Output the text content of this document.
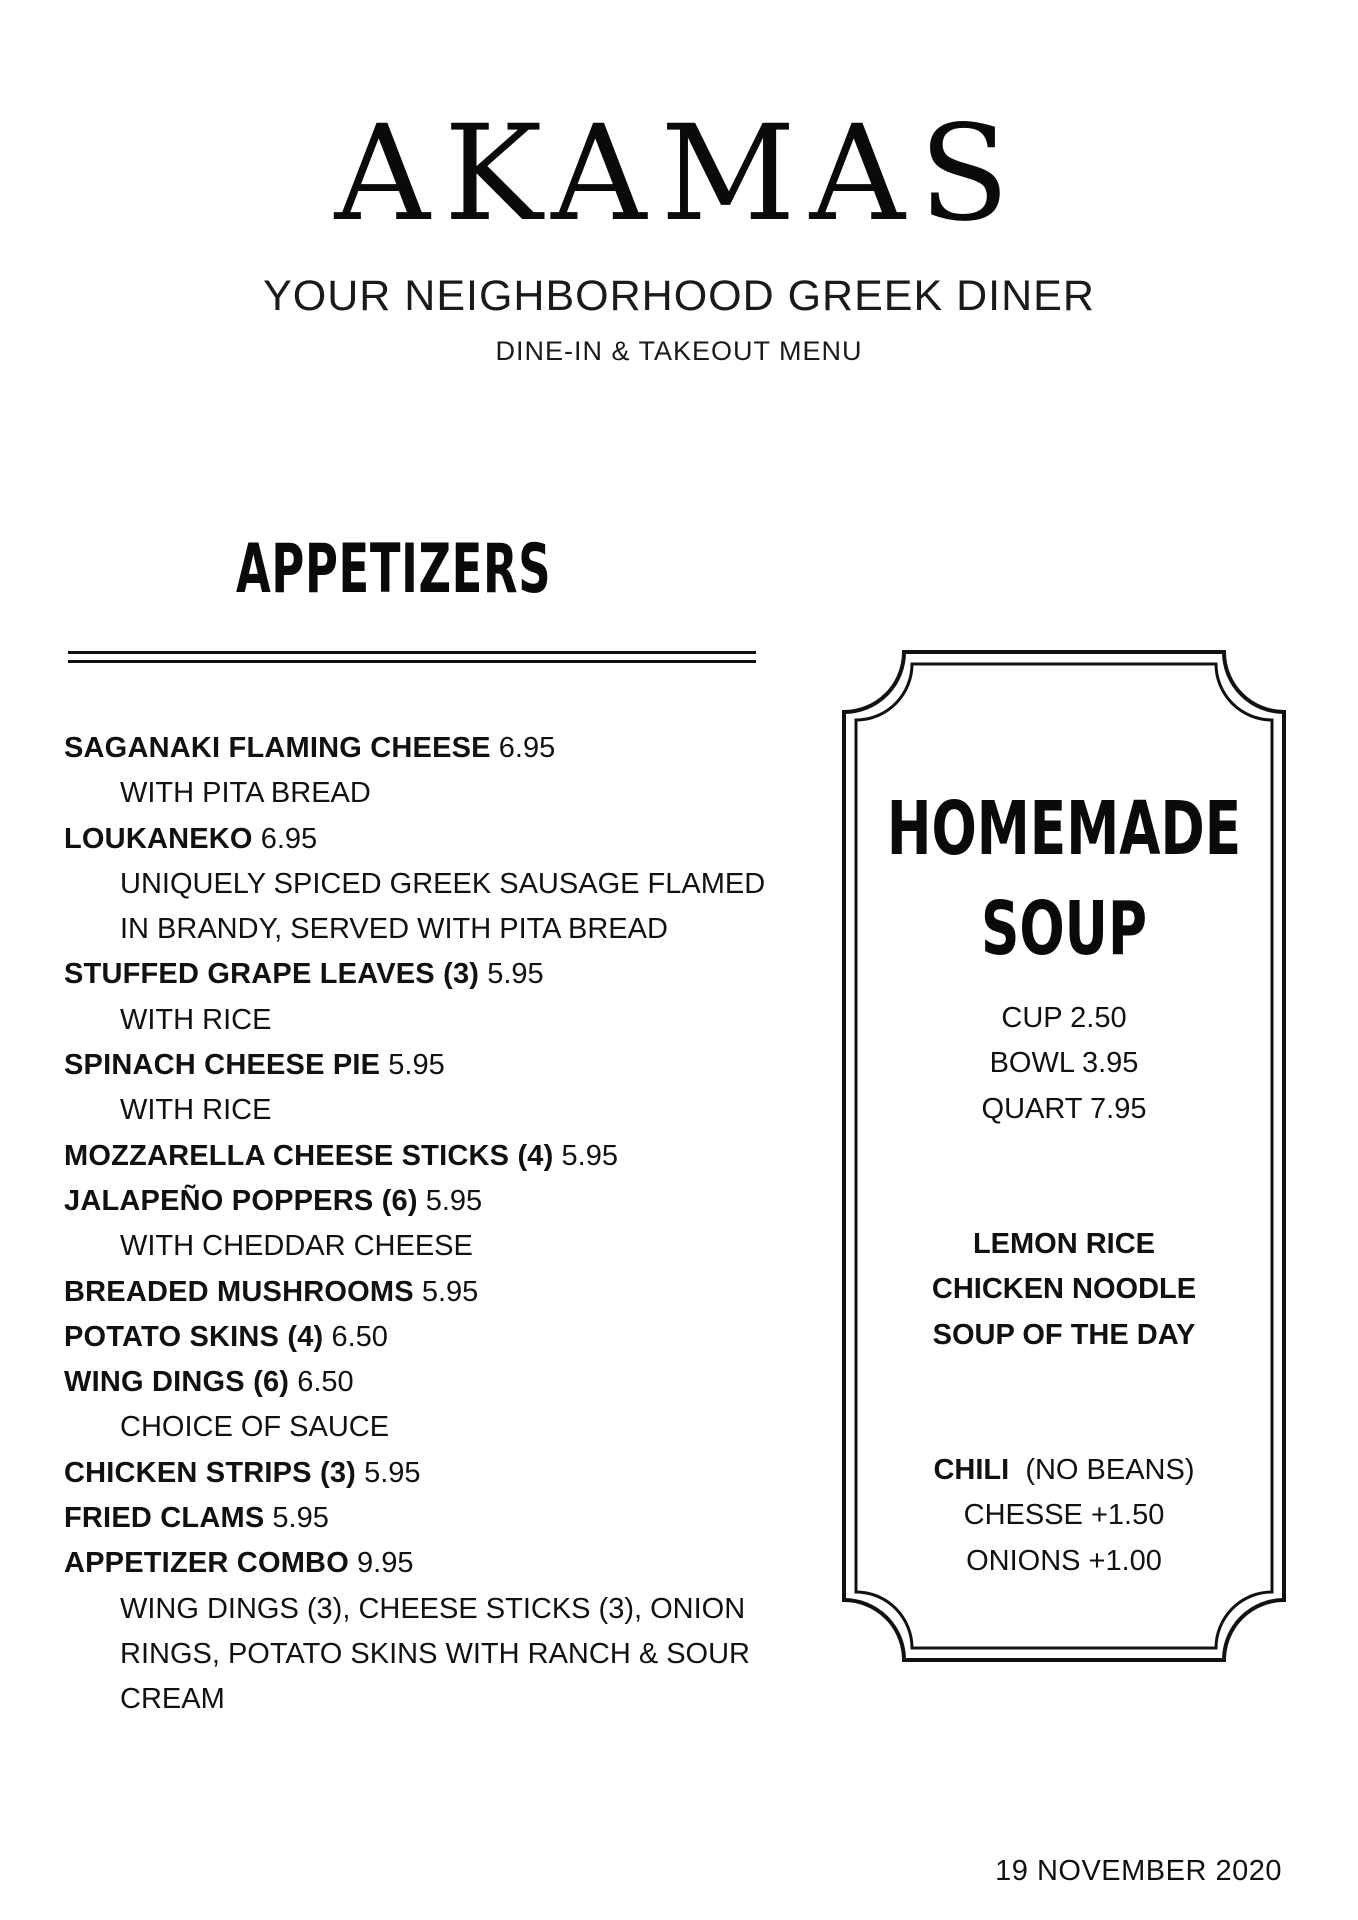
AKAMAS
YOUR NEIGHBORHOOD GREEK DINER
DINE-IN & TAKEOUT MENU
APPETIZERS
SAGANAKI FLAMING CHEESE 6.95
WITH PITA BREAD
LOUKANEKO 6.95
UNIQUELY SPICED GREEK SAUSAGE FLAMED
IN BRANDY, SERVED WITH PITA BREAD
STUFFED GRAPE LEAVES (3) 5.95
WITH RICE
SPINACH CHEESE PIE 5.95
WITH RICE
MOZZARELLA CHEESE STICKS (4) 5.95
JALAPEÑO POPPERS (6) 5.95
WITH CHEDDAR CHEESE
BREADED MUSHROOMS 5.95
POTATO SKINS (4) 6.50
WING DINGS (6) 6.50
CHOICE OF SAUCE
CHICKEN STRIPS (3) 5.95
FRIED CLAMS 5.95
APPETIZER COMBO 9.95
WING DINGS (3), CHEESE STICKS (3), ONION
RINGS, POTATO SKINS WITH RANCH & SOUR
CREAM
HOMEMADE
SOUP
CUP 2.50
BOWL 3.95
QUART 7.95
LEMON RICE
CHICKEN NOODLE
SOUP OF THE DAY
CHILI  (NO BEANS)
CHESSE +1.50
ONIONS +1.00
19 NOVEMBER 2020
